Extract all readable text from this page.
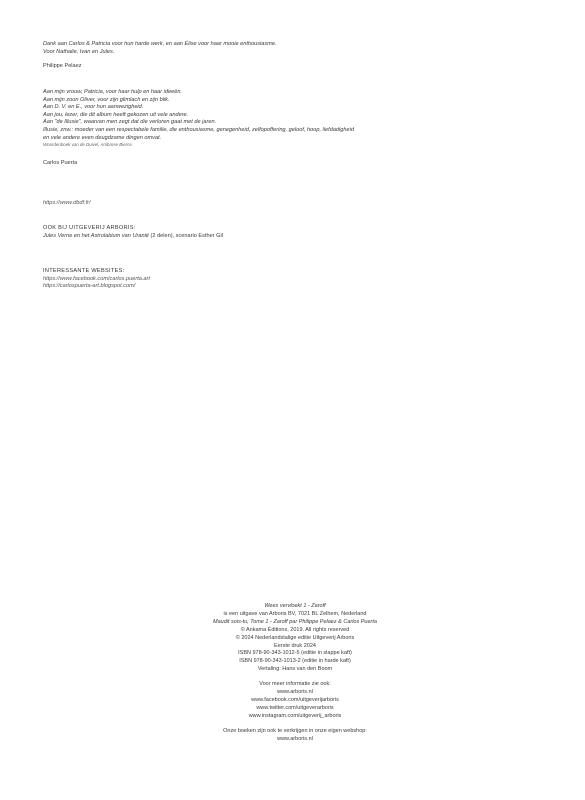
Dank aan Carlos & Patricia voor hun harde werk, en aan Élise voor haar mooie enthousiasme.
Voor Nathalie, Ivan en Jules.
Philippe Pelaez
Aan mijn vrouw, Patricia, voor haar hulp en haar ideeën.
Aan mijn zoon Oliver, voor zijn glimlach en zijn blik.
Aan D. V. en E., voor hun aanwezigheid.
Aan jou, lezer, die dit album heeft gekozen uit vele andere.
Aan "de Illusie", waarvan men zegt dat die verloren gaat met de jaren.
Illusie, znw.: moeder van een respectabele familie, die enthousiasme, genegenheid, zelfopoffering, geloof, hoop, liefdadigheid
en vele andere even deugdzame dingen omvat.
Woordenboek van de Duivel, Ambrose Bierce.
Carlos Puerta
https://www.dbdf.fr/
OOK BIJ UITGEVERIJ ARBORIS:
Jules Verne en het Astrolabium van Uranië (2 delen), scenario Esther Gil
INTERESSANTE WEBSITES:
https://www.facebook.com/carlos.puerta.art
https://carlospuerta-art.blogspot.com/
Wees vervloekt 1 - Zaroff
is een uitgave van Arboris BV, 7021 BL Zelhem, Nederland
Maudit sois-tu, Tome 1 - Zaroff par Philippe Pelaez & Carlos Puerta
© Ankama Éditions, 2019. All rights reserved
© 2024 Nederlandstalige editie Uitgeverij Arboris
Eerste druk 2024
ISBN 978-90-343-1012-5 (editie in slappe kaft)
ISBN 978-90-343-1013-2 (editie in harde kaft)
Vertaling: Hans van den Boom
Voor meer informatie zie ook:
www.arboris.nl
www.facebook.com/uitgeverijarboris
www.twitter.com/uitgeverarboris
www.instagram.com/uitgeverij_arboris
Onze boeken zijn ook te verkrijgen in onze eigen webshop:
www.arboris.nl
